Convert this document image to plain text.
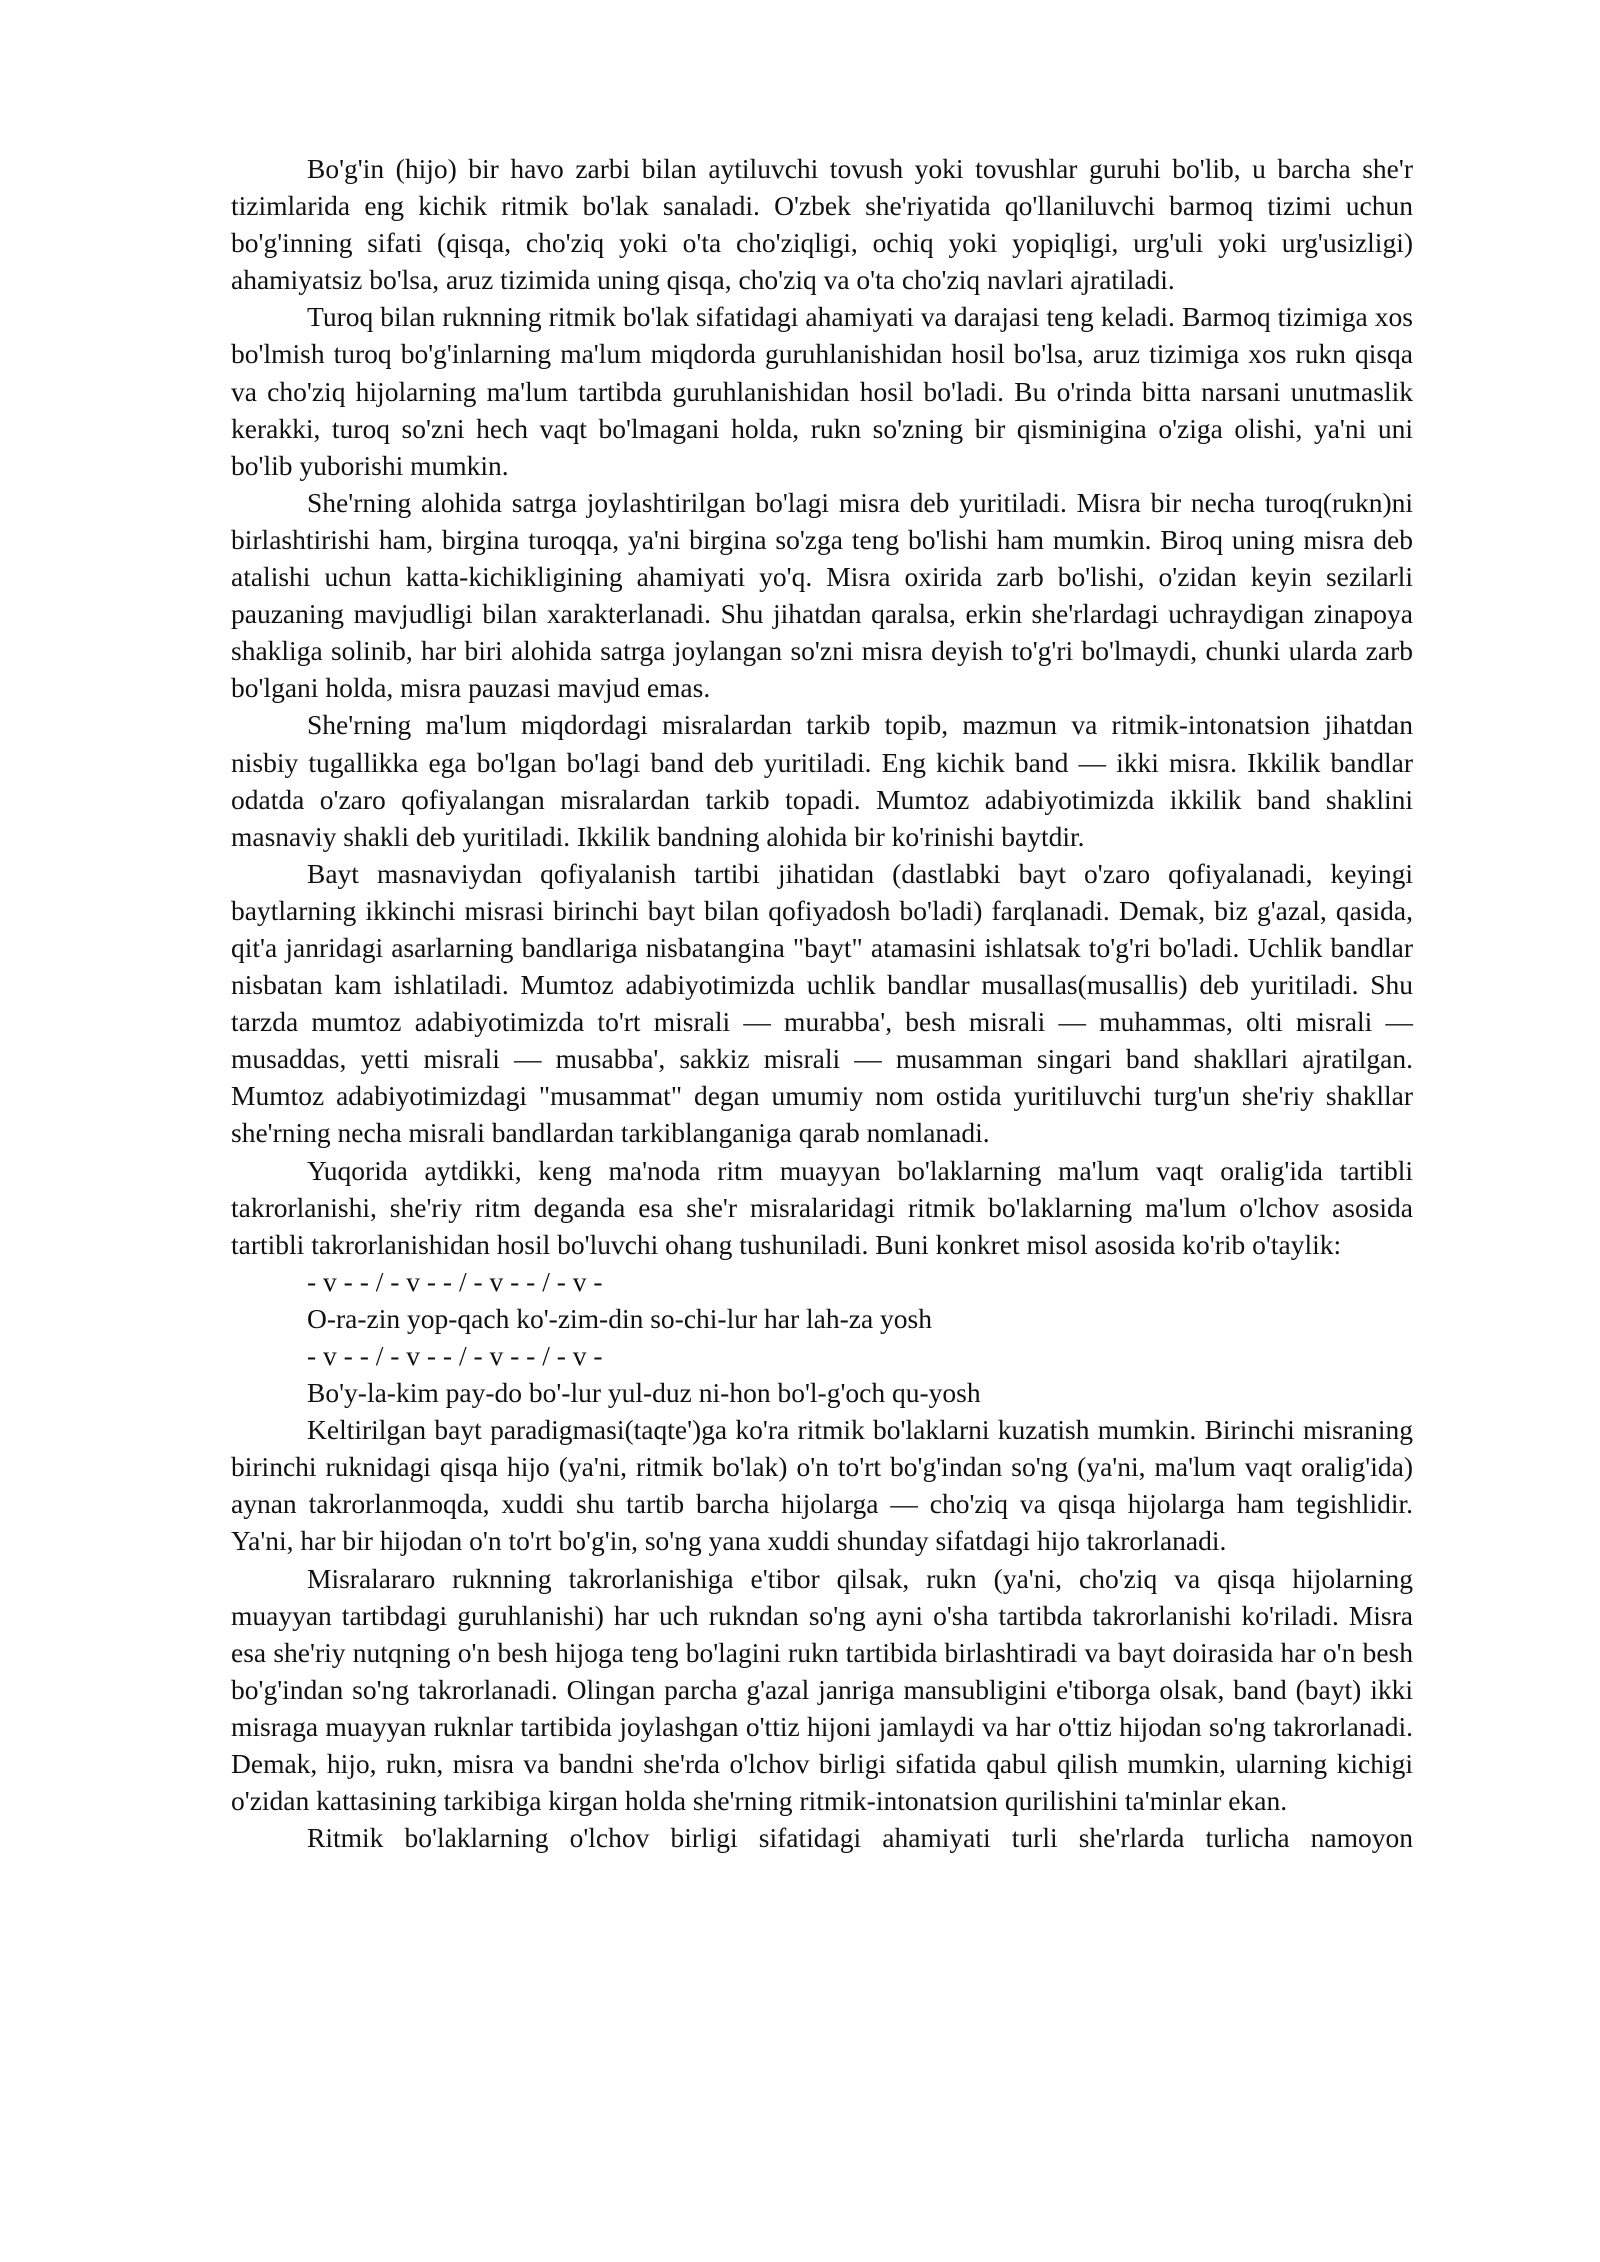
Bo'g'in (hijo) bir havo zarbi bilan aytiluvchi tovush yoki tovushlar guruhi bo'lib, u barcha she'r tizimlarida eng kichik ritmik bo'lak sanaladi. O'zbek she'riyatida qo'llaniluvchi barmoq tizimi uchun bo'g'inning sifati (qisqa, cho'ziq yoki o'ta cho'ziqligi, ochiq yoki yopiqligi, urg'uli yoki urg'usizligi) ahamiyatsiz bo'lsa, aruz tizimida uning qisqa, cho'ziq va o'ta cho'ziq navlari ajratiladi.

Turoq bilan ruknning ritmik bo'lak sifatidagi ahamiyati va darajasi teng keladi. Barmoq tizimiga xos bo'lmish turoq bo'g'inlarning ma'lum miqdorda guruhlanishidan hosil bo'lsa, aruz tizimiga xos rukn qisqa va cho'ziq hijolarning ma'lum tartibda guruhlanishidan hosil bo'ladi. Bu o'rinda bitta narsani unutmaslik kerakki, turoq so'zni hech vaqt bo'lmagani holda, rukn so'zning bir qisminigina o'ziga olishi, ya'ni uni bo'lib yuborishi mumkin.

She'rning alohida satrga joylashtirilgan bo'lagi misra deb yuritiladi. Misra bir necha turoq(rukn)ni birlashtirishi ham, birgina turoqqa, ya'ni birgina so'zga teng bo'lishi ham mumkin. Biroq uning misra deb atalishi uchun katta-kichikligining ahamiyati yo'q. Misra oxirida zarb bo'lishi, o'zidan keyin sezilarli pauzaning mavjudligi bilan xarakterlanadi. Shu jihatdan qaralsa, erkin she'rlardagi uchraydigan zinapoya shakliga solinib, har biri alohida satrga joylangan so'zni misra deyish to'g'ri bo'lmaydi, chunki ularda zarb bo'lgani holda, misra pauzasi mavjud emas.

She'rning ma'lum miqdordagi misralardan tarkib topib, mazmun va ritmik-intonatsion jihatdan nisbiy tugallikka ega bo'lgan bo'lagi band deb yuritiladi. Eng kichik band — ikki misra. Ikkilik bandlar odatda o'zaro qofiyalangan misralardan tarkib topadi. Mumtoz adabiyotimizda ikkilik band shaklini masnaviy shakli deb yuritiladi. Ikkilik bandning alohida bir ko'rinishi baytdir.

Bayt masnaviydan qofiyalanish tartibi jihatidan (dastlabki bayt o'zaro qofiyalanadi, keyingi baytlarning ikkinchi misrasi birinchi bayt bilan qofiyadosh bo'ladi) farqlanadi. Demak, biz g'azal, qasida, qit'a janridagi asarlarning bandlariga nisbatangina "bayt" atamasini ishlatsak to'g'ri bo'ladi. Uchlik bandlar nisbatan kam ishlatiladi. Mumtoz adabiyotimizda uchlik bandlar musallas(musallis) deb yuritiladi. Shu tarzda mumtoz adabiyotimizda to'rt misrali — murabba', besh misrali — muhammas, olti misrali — musaddas, yetti misrali — musabba', sakkiz misrali — musamman singari band shakllari ajratilgan. Mumtoz adabiyotimizdagi "musammat" degan umumiy nom ostida yuritiluvchi turg'un she'riy shakllar she'rning necha misrali bandlardan tarkiblanganiga qarab nomlanadi.

Yuqorida aytdikki, keng ma'noda ritm muayyan bo'laklarning ma'lum vaqt oralig'ida tartibli takrorlanishi, she'riy ritm deganda esa she'r misralaridagi ritmik bo'laklarning ma'lum o'lchov asosida tartibli takrorlanishidan hosil bo'luvchi ohang tushuniladi. Buni konkret misol asosida ko'rib o'taylik:

- v - - / - v - - / - v - - / - v -

O-ra-zin yop-qach ko'-zim-din so-chi-lur har lah-za yosh

- v - - / - v - - / - v - - / - v -

Bo'y-la-kim pay-do bo'-lur yul-duz ni-hon bo'l-g'och qu-yosh

Keltirilgan bayt paradigmasi(taqte')ga ko'ra ritmik bo'laklarni kuzatish mumkin. Birinchi misraning birinchi ruknidagi qisqa hijo (ya'ni, ritmik bo'lak) o'n to'rt bo'g'indan so'ng (ya'ni, ma'lum vaqt oralig'ida) aynan takrorlanmoqda, xuddi shu tartib barcha hijolarga — cho'ziq va qisqa hijolarga ham tegishlidir. Ya'ni, har bir hijodan o'n to'rt bo'g'in, so'ng yana xuddi shunday sifatdagi hijo takrorlanadi.

Misralararo ruknning takrorlanishiga e'tibor qilsak, rukn (ya'ni, cho'ziq va qisqa hijolarning muayyan tartibdagi guruhlanishi) har uch rukndan so'ng ayni o'sha tartibda takrorlanishi ko'riladi. Misra esa she'riy nutqning o'n besh hijoga teng bo'lagini rukn tartibida birlashtiradi va bayt doirasida har o'n besh bo'g'indan so'ng takrorlanadi. Olingan parcha g'azal janriga mansubligini e'tiborga olsak, band (bayt) ikki misraga muayyan ruknlar tartibida joylashgan o'ttiz hijoni jamlaydi va har o'ttiz hijodan so'ng takrorlanadi. Demak, hijo, rukn, misra va bandni she'rda o'lchov birligi sifatida qabul qilish mumkin, ularning kichigi o'zidan kattasining tarkibiga kirgan holda she'rning ritmik-intonatsion qurilishini ta'minlar ekan.

Ritmik bo'laklarning o'lchov birligi sifatidagi ahamiyati turli she'rlarda turlicha namoyon
